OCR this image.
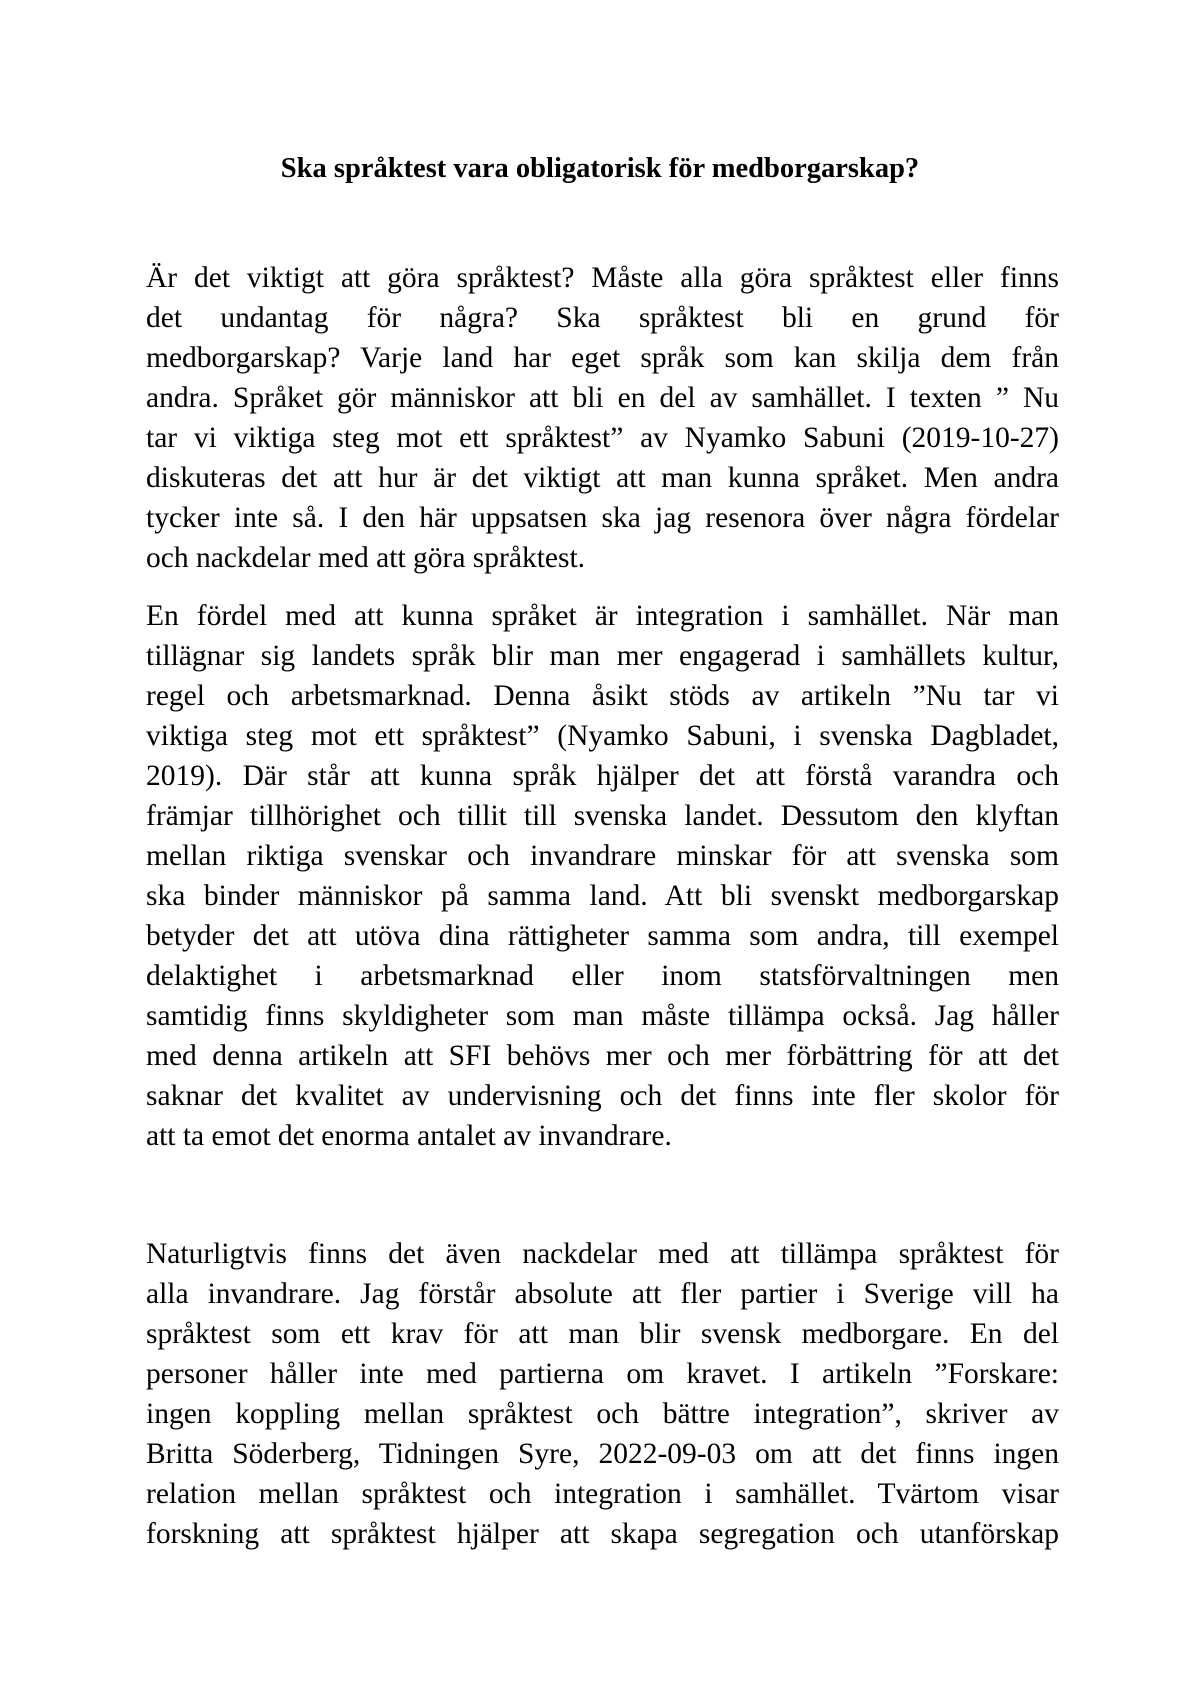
Ska språktest vara obligatorisk för medborgarskap?
Är det viktigt att göra språktest? Måste alla göra språktest eller finns
det undantag för några? Ska språktest bli en grund för
medborgarskap? Varje land har eget språk som kan skilja dem från
andra. Språket gör människor att bli en del av samhället. I texten ” Nu
tar vi viktiga steg mot ett språktest” av Nyamko Sabuni (2019-10-27)
diskuteras det att hur är det viktigt att man kunna språket. Men andra
tycker inte så. I den här uppsatsen ska jag resenora över några fördelar
och nackdelar med att göra språktest.
En fördel med att kunna språket är integration i samhället. När man
tillägnar sig landets språk blir man mer engagerad i samhällets kultur,
regel och arbetsmarknad. Denna åsikt stöds av artikeln ”Nu tar vi
viktiga steg mot ett språktest” (Nyamko Sabuni, i svenska Dagbladet,
2019). Där står att kunna språk hjälper det att förstå varandra och
främjar tillhörighet och tillit till svenska landet. Dessutom den klyftan
mellan riktiga svenskar och invandrare minskar för att svenska som
ska binder människor på samma land. Att bli svenskt medborgarskap
betyder det att utöva dina rättigheter samma som andra, till exempel
delaktighet i arbetsmarknad eller inom statsförvaltningen men
samtidig finns skyldigheter som man måste tillämpa också. Jag håller
med denna artikeln att SFI behövs mer och mer förbättring för att det
saknar det kvalitet av undervisning och det finns inte fler skolor för
att ta emot det enorma antalet av invandrare.
Naturligtvis finns det även nackdelar med att tillämpa språktest för
alla invandrare. Jag förstår absolute att fler partier i Sverige vill ha
språktest som ett krav för att man blir svensk medborgare. En del
personer håller inte med partierna om kravet. I artikeln ”Forskare:
ingen koppling mellan språktest och bättre integration”, skriver av
Britta Söderberg, Tidningen Syre, 2022-09-03 om att det finns ingen
relation mellan språktest och integration i samhället. Tvärtom visar
forskning att språktest hjälper att skapa segregation och utanförskap
